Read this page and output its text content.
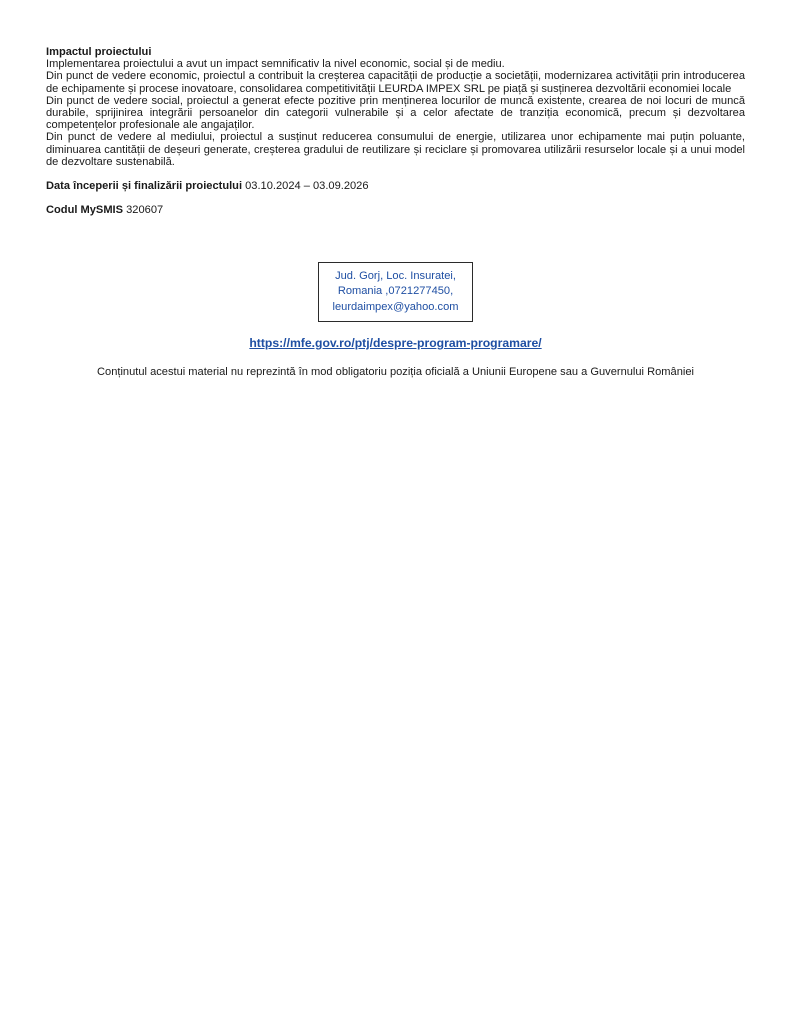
Impactul proiectului

Implementarea proiectului a avut un impact semnificativ la nivel economic, social și de mediu.

Din punct de vedere economic, proiectul a contribuit la creșterea capacității de producție a societății, modernizarea activității prin introducerea de echipamente și procese inovatoare, consolidarea competitivității LEURDA IMPEX SRL pe piață și susținerea dezvoltării economiei locale

Din punct de vedere social, proiectul a generat efecte pozitive prin menținerea locurilor de muncă existente, crearea de noi locuri de muncă durabile, sprijinirea integrării persoanelor din categorii vulnerabile și a celor afectate de tranziția economică, precum și dezvoltarea competențelor profesionale ale angajaților.

Din punct de vedere al mediului, proiectul a susținut reducerea consumului de energie, utilizarea unor echipamente mai puțin poluante, diminuarea cantității de deșeuri generate, creșterea gradului de reutilizare și reciclare și promovarea utilizării resurselor locale și a unui model de dezvoltare sustenabilă.

Data începerii și finalizării proiectului 03.10.2024 – 03.09.2026

Codul MySMIS 320607

Jud. Gorj, Loc. Insuratei,
Romania ,0721277450,
leurdaimpex@yahoo.com
https://mfe.gov.ro/ptj/despre-program-programare/
Conținutul acestui material nu reprezintă în mod obligatoriu poziția oficială a Uniunii Europene sau a Guvernului României
